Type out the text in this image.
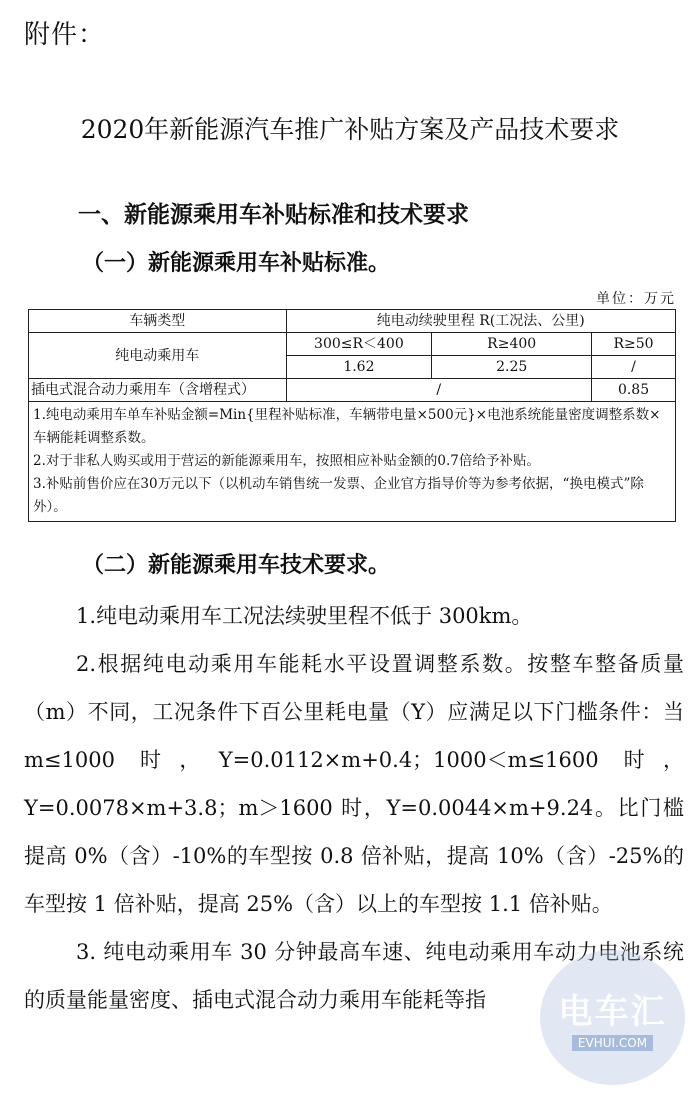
附件：
2020年新能源汽车推广补贴方案及产品技术要求
一、新能源乘用车补贴标准和技术要求
（一）新能源乘用车补贴标准。
单位：万元
车辆类型	纯电动续驶里程 R(工况法、公里)		
纯电动乘用车	300≤R＜400	R≥400	R≥50
	1.62	2.25	/
插电式混合动力乘用车（含增程式）	/		0.85

1.纯电动乘用车单车补贴金额=Min{里程补贴标准，车辆带电量×500元}×电池系统能量密度调整系数×车辆能耗调整系数。
2.对于非私人购买或用于营运的新能源乘用车，按照相应补贴金额的0.7倍给予补贴。
3.补贴前售价应在30万元以下（以机动车销售统一发票、企业官方指导价等为参考依据，“换电模式”除外）。			
（二）新能源乘用车技术要求。

1.纯电动乘用车工况法续驶里程不低于 300km。

2.根据纯电动乘用车能耗水平设置调整系数。按整车整备质量（m）不同，工况条件下百公里耗电量（Y）应满足以下门槛条件：当 m≤1000 时，Y=0.0112×m+0.4；1000＜m≤1600 时，Y=0.0078×m+3.8；m＞1600 时，Y=0.0044×m+9.24。比门槛提高 0%（含）-10%的车型按 0.8 倍补贴，提高 10%（含）-25%的车型按 1 倍补贴，提高 25%（含）以上的车型按 1.1 倍补贴。

3. 纯电动乘用车 30 分钟最高车速、纯电动乘用车动力电池系统的质量能量密度、插电式混合动力乘用车能耗等指	电车汇
EVHUI.COM
